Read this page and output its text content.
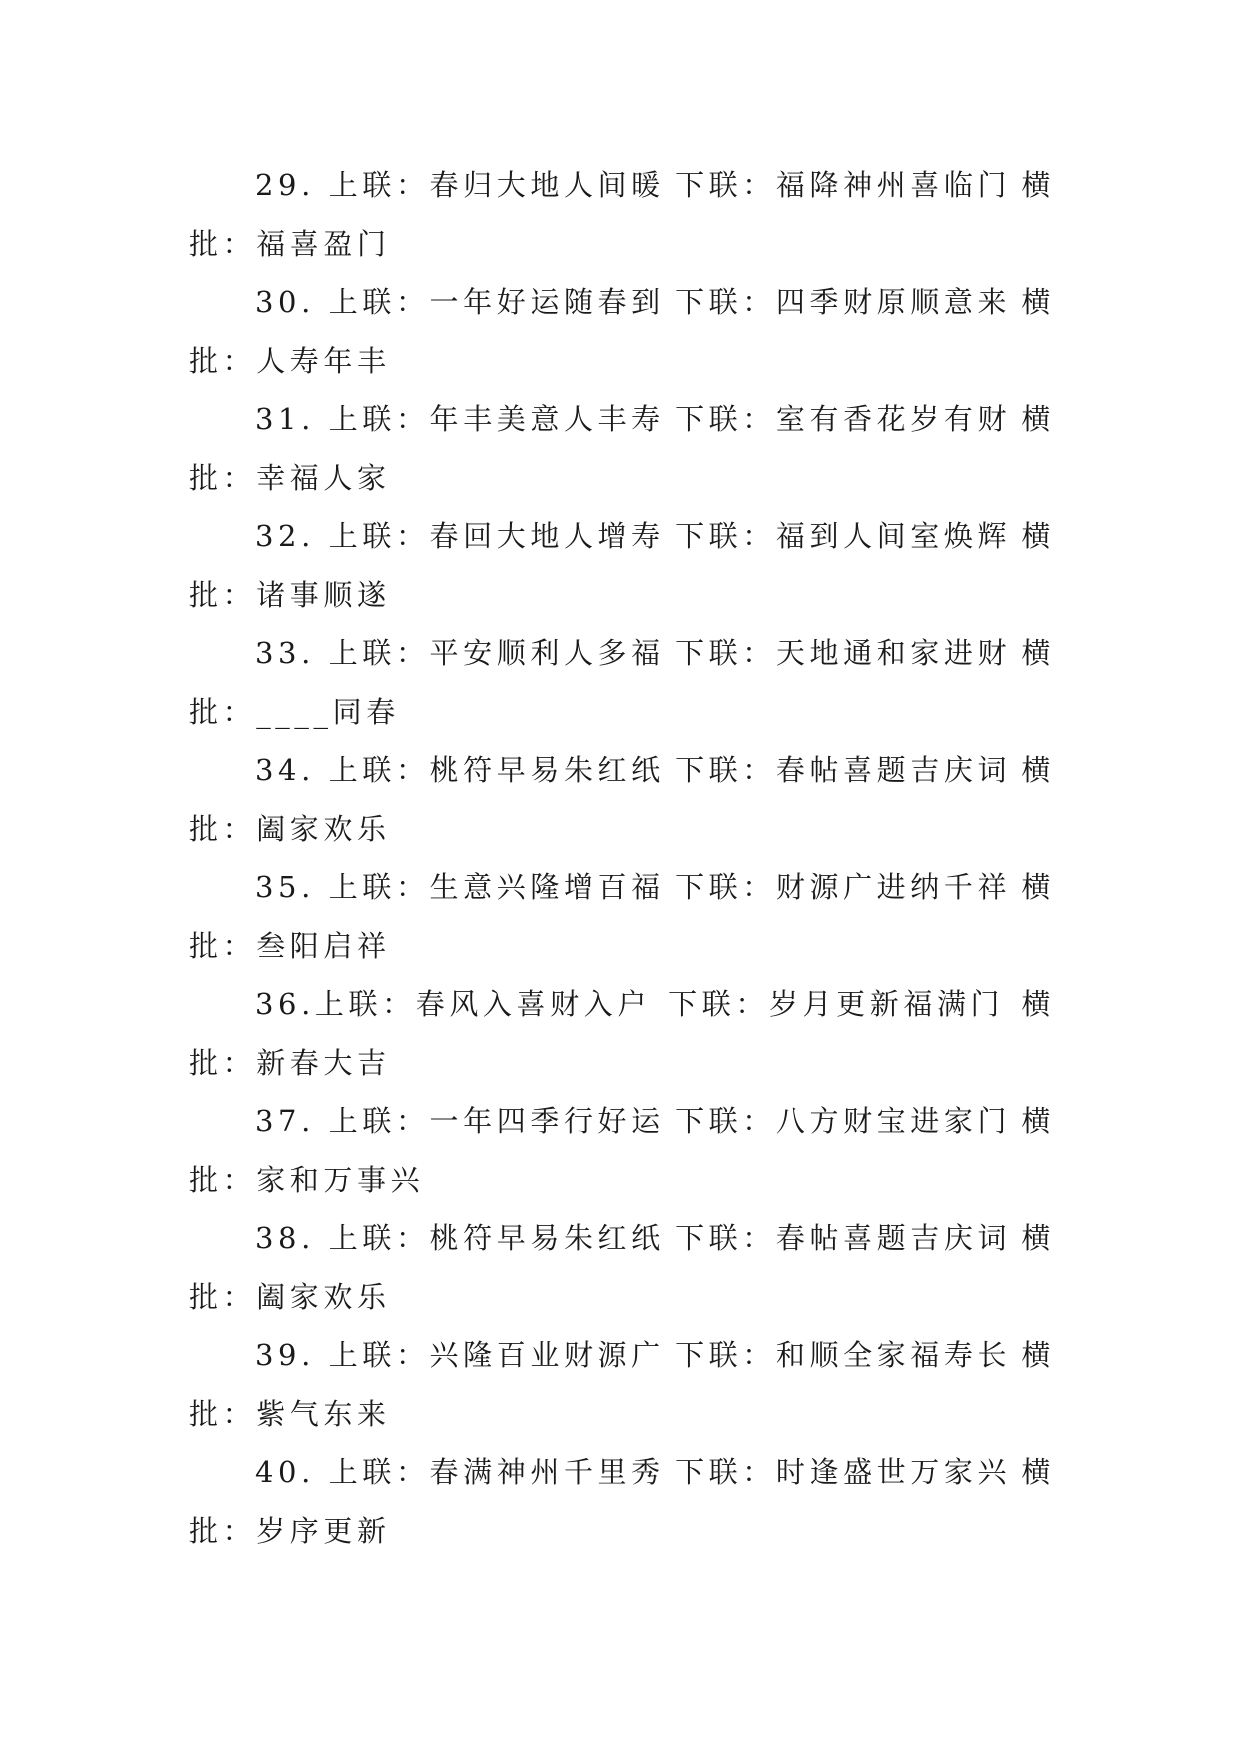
29. 上联：春归大地人间暖 下联：福降神州喜临门 横
批：福喜盈门
30. 上联：一年好运随春到 下联：四季财原顺意来 横
批：人寿年丰
31. 上联：年丰美意人丰寿 下联：室有香花岁有财 横
批：幸福人家
32. 上联：春回大地人增寿 下联：福到人间室焕辉 横
批：诸事顺遂
33. 上联：平安顺利人多福 下联：天地通和家进财 横
批：____同春
34. 上联：桃符早易朱红纸 下联：春帖喜题吉庆词 横
批：阖家欢乐
35. 上联：生意兴隆增百福 下联：财源广进纳千祥 横
批：叁阳启祥
36.上联：春风入喜财入户 下联：岁月更新福满门 横
批：新春大吉
37. 上联：一年四季行好运 下联：八方财宝进家门 横
批：家和万事兴
38. 上联：桃符早易朱红纸 下联：春帖喜题吉庆词 横
批：阖家欢乐
39. 上联：兴隆百业财源广 下联：和顺全家福寿长 横
批：紫气东来
40. 上联：春满神州千里秀 下联：时逢盛世万家兴 横
批：岁序更新
